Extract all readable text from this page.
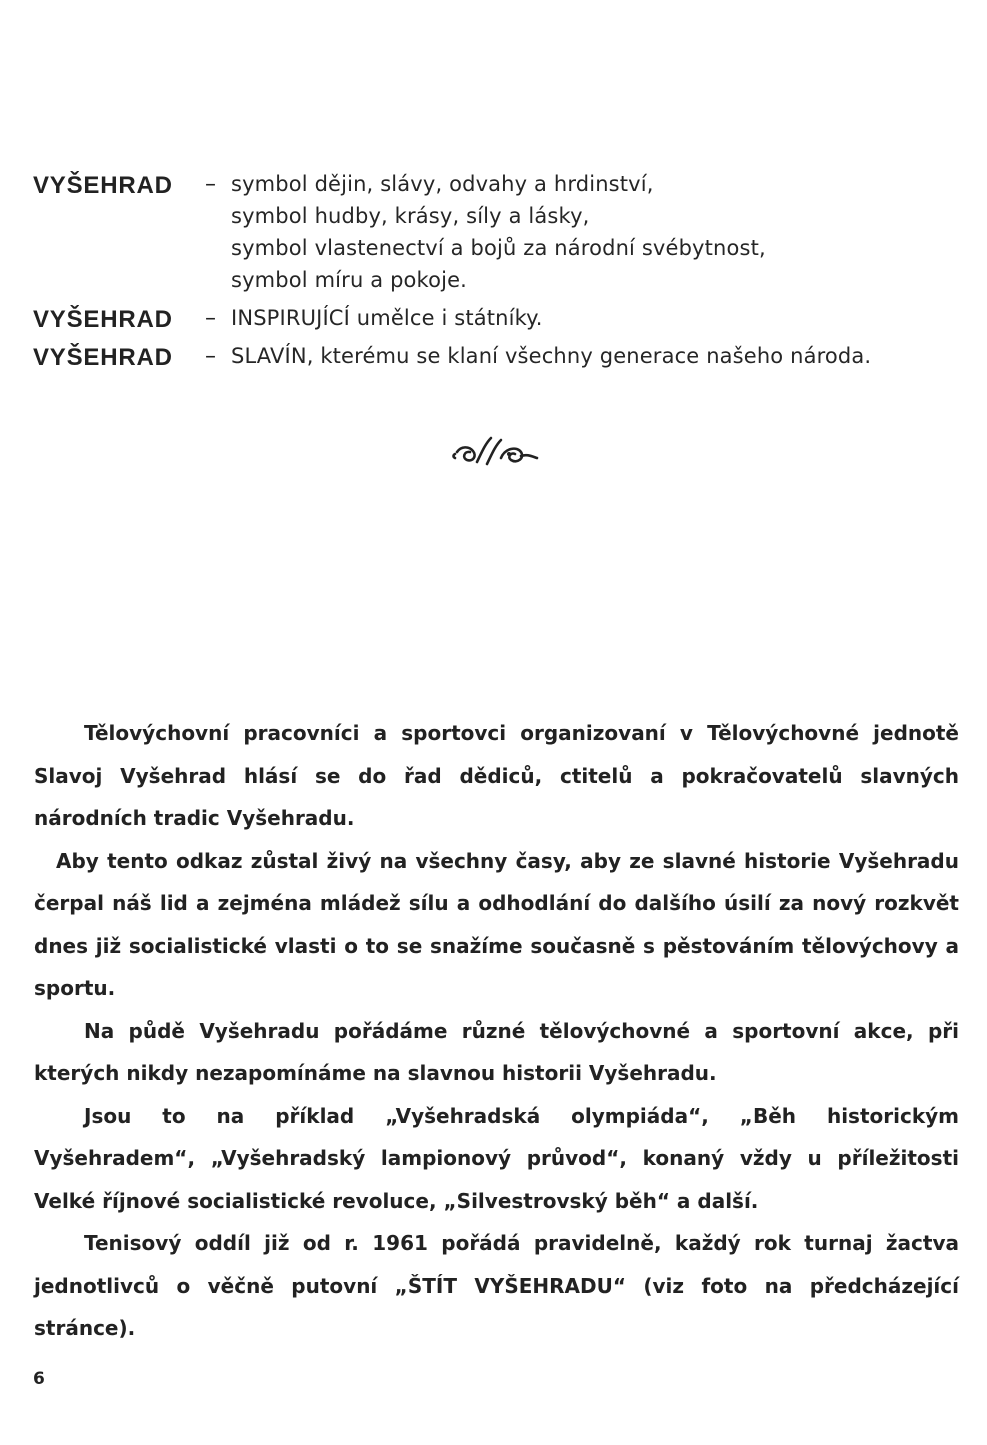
VYŠEHRAD – symbol dějin, slávy, odvahy a hrdinství,
symbol hudby, krásy, síly a lásky,
symbol vlastenectví a bojů za národní svébytnost,
symbol míru a pokoje.
VYŠEHRAD – INSPIRUJÍCÍ umělce i státníky.
VYŠEHRAD – SLAVÍN, kterému se klaní všechny generace našeho národa.

Tělovýchovní pracovníci a sportovci organizovaní v Tělovýchovné jednotě Slavoj Vyšehrad hlásí se do řad dědiců, ctitelů a pokračovatelů slavných národních tradic Vyšehradu.

Aby tento odkaz zůstal živý na všechny časy, aby ze slavné historie Vyšehradu čerpal náš lid a zejména mládež sílu a odhodlání do dalšího úsilí za nový rozkvět dnes již socialistické vlasti o to se snažíme současně s pěstováním tělovýchovy a sportu.

Na půdě Vyšehradu pořádáme různé tělovýchovné a sportovní akce, při kterých nikdy nezapomínáme na slavnou historii Vyšehradu.

Jsou to na příklad „Vyšehradská olympiáda“, „Běh historickým Vyšehradem“, „Vyšehradský lampionový průvod“, konaný vždy u příležitosti Velké říjnové socialistické revoluce, „Silvestrovský běh“ a další.

Tenisový oddíl již od r. 1961 pořádá pravidelně, každý rok turnaj žactva jednotlivců o věčně putovní „ŠTÍT VYŠEHRADU“ (viz foto na předcházející stránce).

6
